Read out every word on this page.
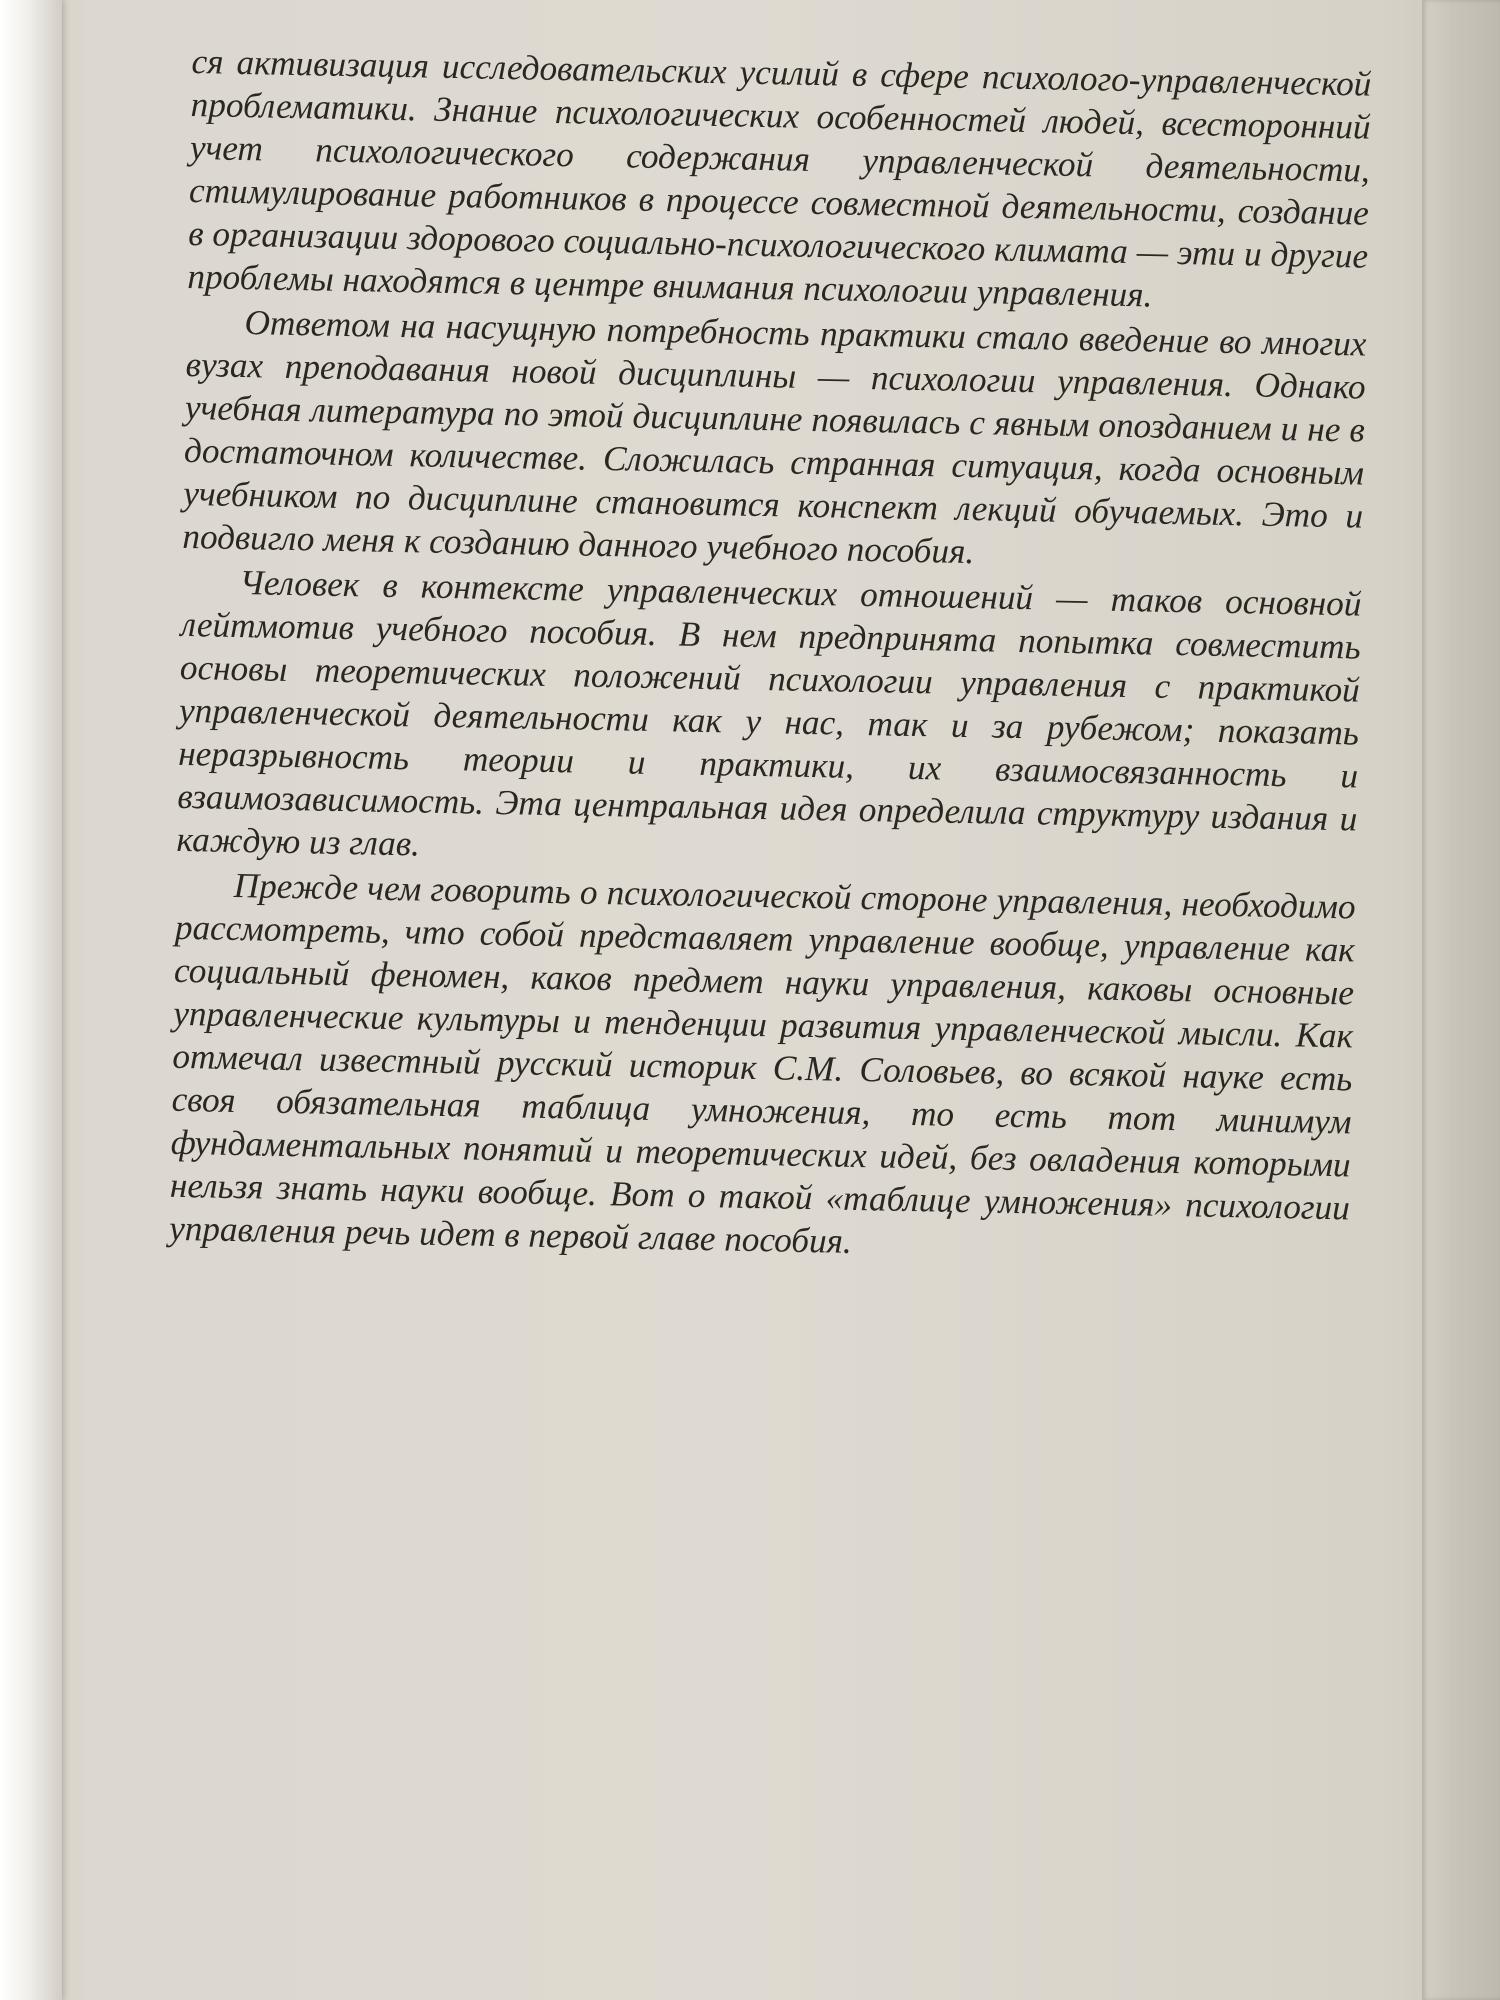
ся активизация исследовательских усилий в сфере психолого-управленческой проблематики. Знание психологических особенностей людей, всесторонний учет психологического содержания управленческой деятельности, стимулирование работников в процессе совместной деятельности, создание в организации здорового социально-психологического климата — эти и другие проблемы находятся в центре внимания психологии управления.

Ответом на насущную потребность практики стало введение во многих вузах преподавания новой дисциплины — психологии управления. Однако учебная литература по этой дисциплине появилась с явным опозданием и не в достаточном количестве. Сложилась странная ситуация, когда основным учебником по дисциплине становится конспект лекций обучаемых. Это и подвигло меня к созданию данного учебного пособия.

Человек в контексте управленческих отношений — таков основной лейтмотив учебного пособия. В нем предпринята попытка совместить основы теоретических положений психологии управления с практикой управленческой деятельности как у нас, так и за рубежом; показать неразрывность теории и практики, их взаимосвязанность и взаимозависимость. Эта центральная идея определила структуру издания и каждую из глав.

Прежде чем говорить о психологической стороне управления, необходимо рассмотреть, что собой представляет управление вообще, управление как социальный феномен, каков предмет науки управления, каковы основные управленческие культуры и тенденции развития управленческой мысли. Как отмечал известный русский историк С.М. Соловьев, во всякой науке есть своя обязательная таблица умножения, то есть тот минимум фундаментальных понятий и теоретических идей, без овладения которыми нельзя знать науки вообще. Вот о такой «таблице умножения» психологии управления речь идет в первой главе пособия.
